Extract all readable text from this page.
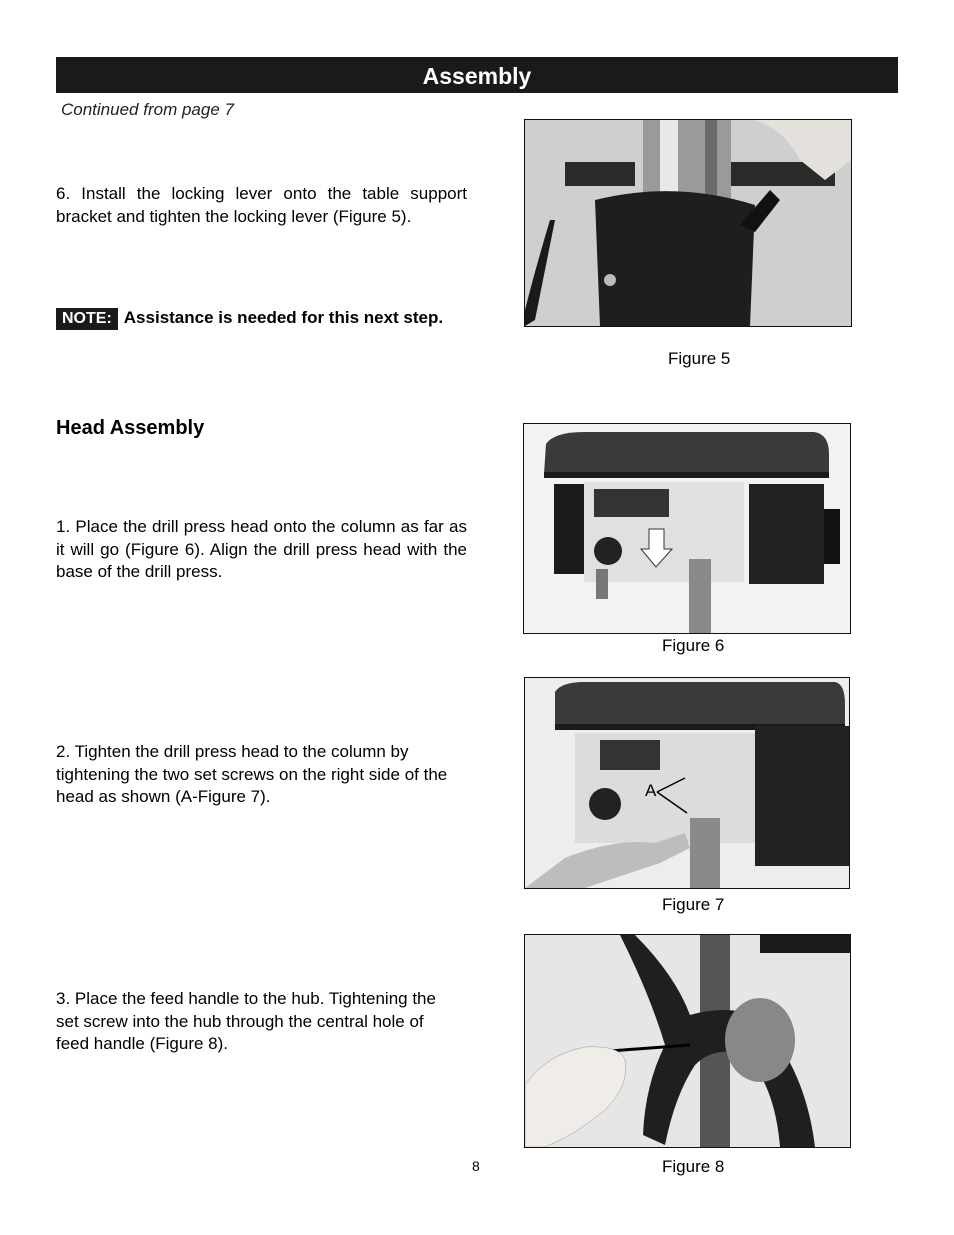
Assembly
Continued from page 7
6. Install the locking lever onto the table support bracket and tighten the locking lever (Figure 5).
NOTE: Assistance is needed for this next step.
Head Assembly
1. Place the drill press head onto the column as far as it will go (Figure 6). Align the drill press head with the base of the drill press.
2. Tighten the drill press head to the column by tightening the two set screws on the right side of the head as shown (A-Figure 7).
3. Place the feed handle to the hub. Tightening the set screw into the hub through the central hole of feed handle (Figure 8).
Figure 5
Figure 6
A
Figure 7
Figure 8
8
